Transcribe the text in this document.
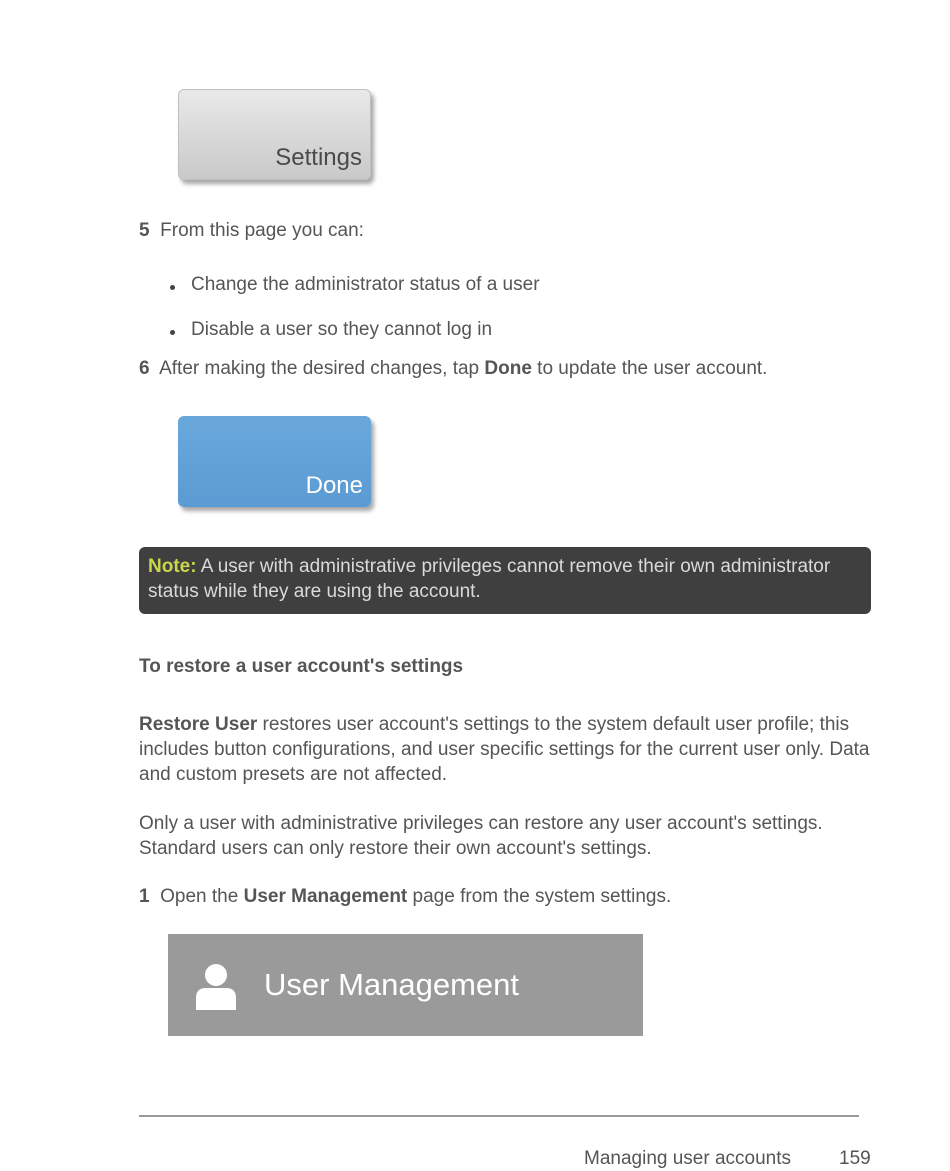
Settings
5 From this page you can:
Change the administrator status of a user
Disable a user so they cannot log in
6 After making the desired changes, tap Done to update the user account.
Done
Note: A user with administrative privileges cannot remove their own administrator status while they are using the account.
To restore a user account's settings
Restore User restores user account's settings to the system default user profile; this includes button configurations, and user specific settings for the current user only. Data and custom presets are not affected.
Only a user with administrative privileges can restore any user account's settings. Standard users can only restore their own account's settings.
1 Open the User Management page from the system settings.
User Management
Managing user accounts	159
